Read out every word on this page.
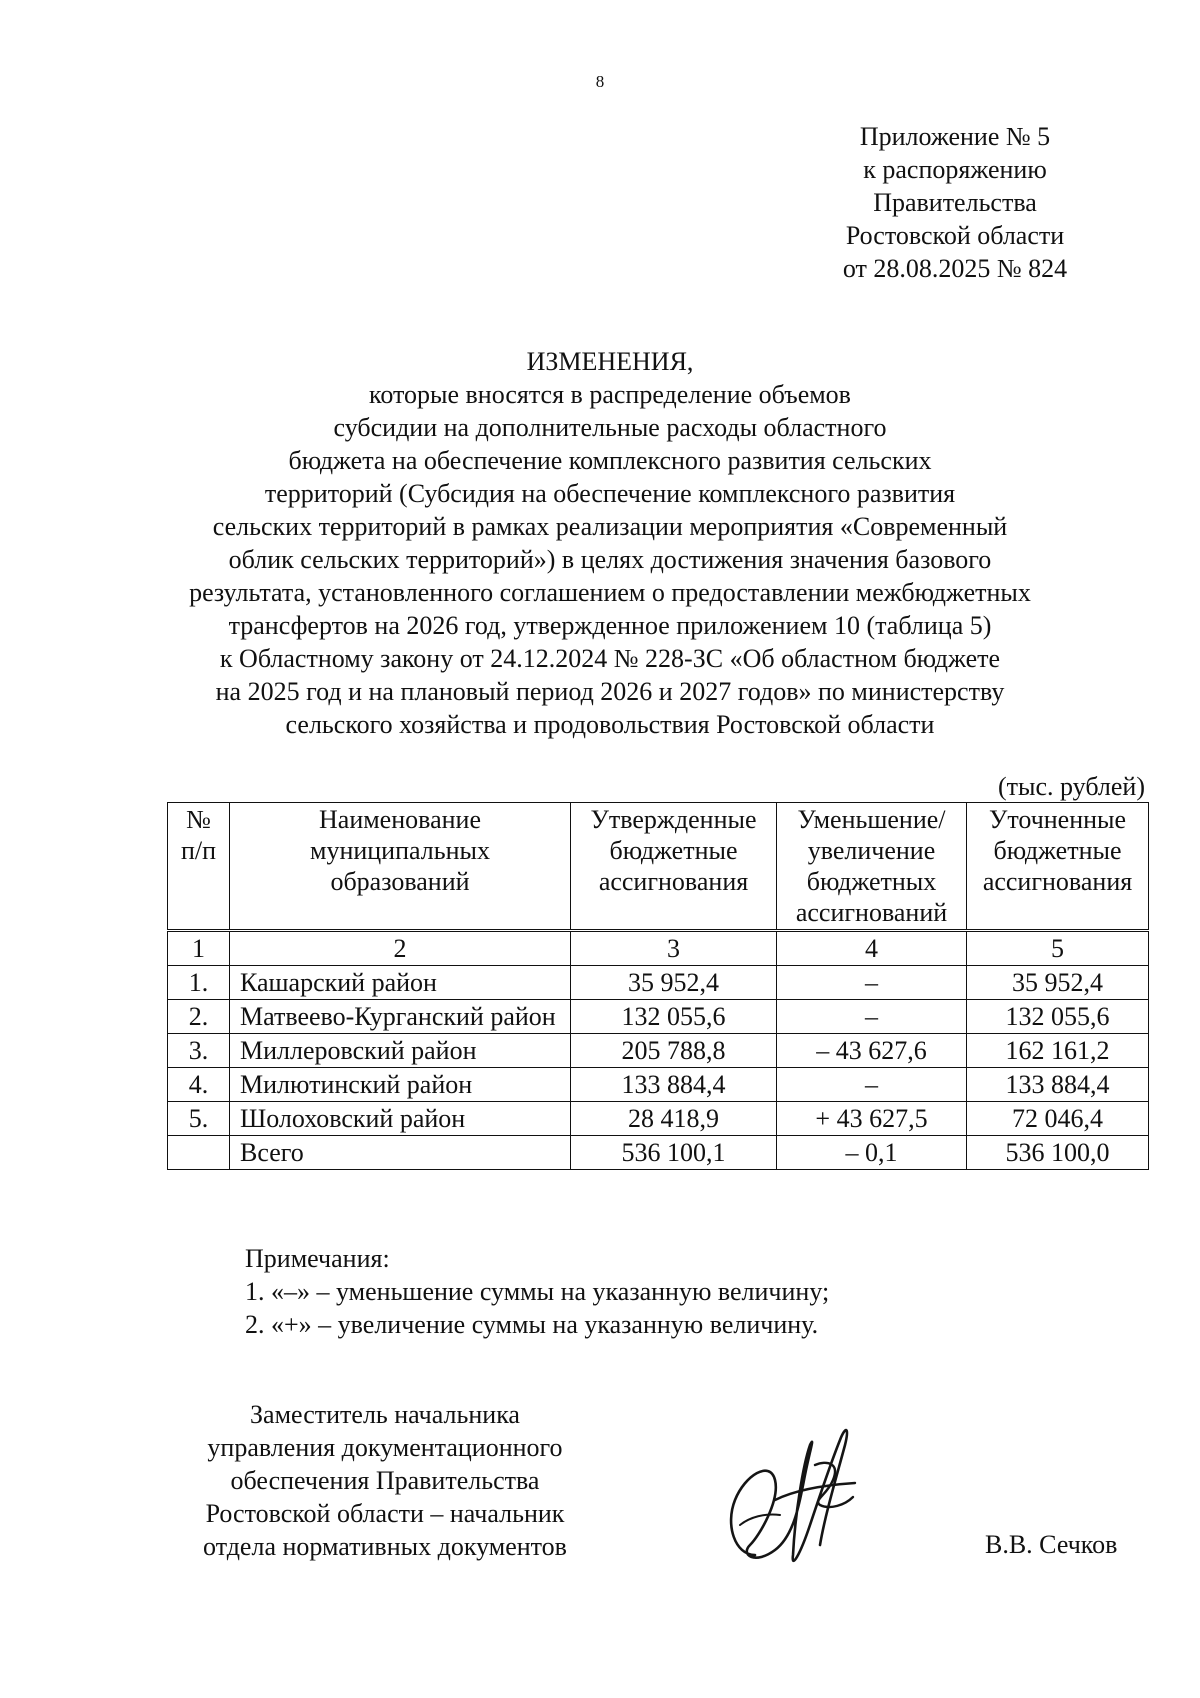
8
Приложение № 5
к распоряжению
Правительства
Ростовской области
от 28.08.2025 № 824
ИЗМЕНЕНИЯ,
которые вносятся в распределение объемов
субсидии на дополнительные расходы областного
бюджета на обеспечение комплексного развития сельских
территорий (Субсидия на обеспечение комплексного развития
сельских территорий в рамках реализации мероприятия «Современный
облик сельских территорий») в целях достижения значения базового
результата, установленного соглашением о предоставлении межбюджетных
трансфертов на 2026 год, утвержденное приложением 10 (таблица 5)
к Областному закону от 24.12.2024 № 228-ЗС «Об областном бюджете
на 2025 год и на плановый период 2026 и 2027 годов» по министерству
сельского хозяйства и продовольствия Ростовской области
(тыс. рублей)
№ п/п	Наименование муниципальных образований	Утвержденные бюджетные ассигнования	Уменьшение/ увеличение бюджетных ассигнований	Уточненные бюджетные ассигнования
1	2	3	4	5
1.	Кашарский район	35 952,4	–	35 952,4
2.	Матвеево-Курганский район	132 055,6	–	132 055,6
3.	Миллеровский район	205 788,8	– 43 627,6	162 161,2
4.	Милютинский район	133 884,4	–	133 884,4
5.	Шолоховский район	28 418,9	+ 43 627,5	72 046,4
	Всего	536 100,1	– 0,1	536 100,0
Примечания:
1. «–» – уменьшение суммы на указанную величину;
2. «+» – увеличение суммы на указанную величину.
Заместитель начальника
управления документационного
обеспечения Правительства
Ростовской области – начальник
отдела нормативных документов	В.В. Сечков
